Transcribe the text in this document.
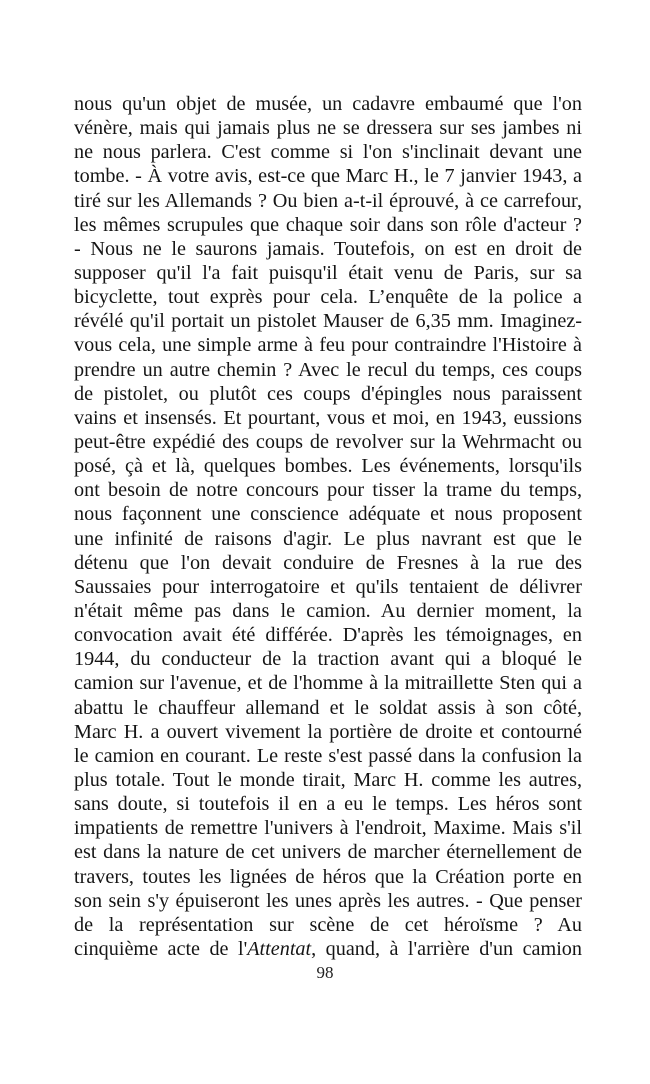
nous qu'un objet de musée, un cadavre embaumé que l'on
vénère, mais qui jamais plus ne se dressera sur ses jambes ni
ne nous parlera. C'est comme si l'on s'inclinait devant une
tombe. - À votre avis, est-ce que Marc H., le 7 janvier 1943, a
tiré sur les Allemands ? Ou bien a-t-il éprouvé, à ce carrefour,
les mêmes scrupules que chaque soir dans son rôle d'acteur ?
- Nous ne le saurons jamais. Toutefois, on est en droit de
supposer qu'il l'a fait puisqu'il était venu de Paris, sur sa
bicyclette, tout exprès pour cela. L’enquête de la police a
révélé qu'il portait un pistolet Mauser de 6,35 mm. Imaginez-
vous cela, une simple arme à feu pour contraindre l'Histoire à
prendre un autre chemin ? Avec le recul du temps, ces coups
de pistolet, ou plutôt ces coups d'épingles nous paraissent
vains et insensés. Et pourtant, vous et moi, en 1943, eussions
peut-être expédié des coups de revolver sur la Wehrmacht ou
posé, çà et là, quelques bombes. Les événements, lorsqu'ils
ont besoin de notre concours pour tisser la trame du temps,
nous façonnent une conscience adéquate et nous proposent
une infinité de raisons d'agir. Le plus navrant est que le
détenu que l'on devait conduire de Fresnes à la rue des
Saussaies pour interrogatoire et qu'ils tentaient de délivrer
n'était même pas dans le camion. Au dernier moment, la
convocation avait été différée. D'après les témoignages, en
1944, du conducteur de la traction avant qui a bloqué le
camion sur l'avenue, et de l'homme à la mitraillette Sten qui a
abattu le chauffeur allemand et le soldat assis à son côté,
Marc H. a ouvert vivement la portière de droite et contourné
le camion en courant. Le reste s'est passé dans la confusion la
plus totale. Tout le monde tirait, Marc H. comme les autres,
sans doute, si toutefois il en a eu le temps. Les héros sont
impatients de remettre l'univers à l'endroit, Maxime. Mais s'il
est dans la nature de cet univers de marcher éternellement de
travers, toutes les lignées de héros que la Création porte en
son sein s'y épuiseront les unes après les autres. - Que penser
de la représentation sur scène de cet héroïsme ? Au
cinquième acte de l'Attentat, quand, à l'arrière d'un camion
98
